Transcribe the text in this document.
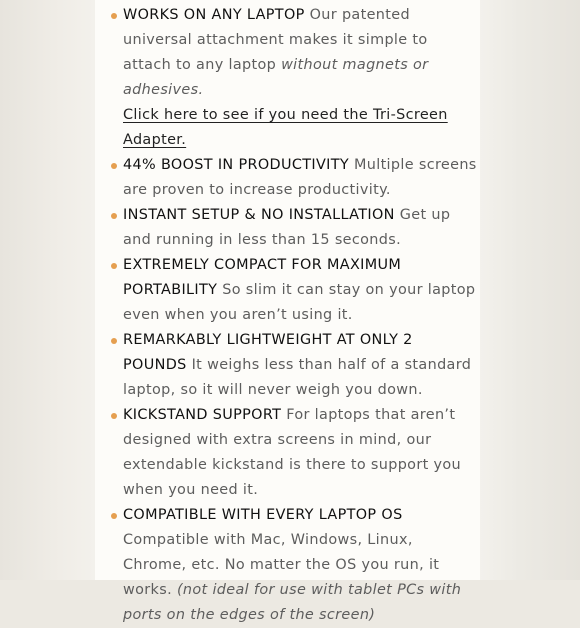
WORKS ON ANY LAPTOP Our patented universal attachment makes it simple to attach to any laptop without magnets or adhesives.
Click here to see if you need the Tri-Screen Adapter.
44% BOOST IN PRODUCTIVITY Multiple screens are proven to increase productivity.
INSTANT SETUP & NO INSTALLATION Get up and running in less than 15 seconds.
EXTREMELY COMPACT FOR MAXIMUM PORTABILITY So slim it can stay on your laptop even when you aren’t using it.
REMARKABLY LIGHTWEIGHT AT ONLY 2 POUNDS It weighs less than half of a standard laptop, so it will never weigh you down.
KICKSTAND SUPPORT For laptops that aren’t designed with extra screens in mind, our extendable kickstand is there to support you when you need it.
COMPATIBLE WITH EVERY LAPTOP OS Compatible with Mac, Windows, Linux, Chrome, etc. No matter the OS you run, it works. (not ideal for use with tablet PCs with ports on the edges of the screen)
